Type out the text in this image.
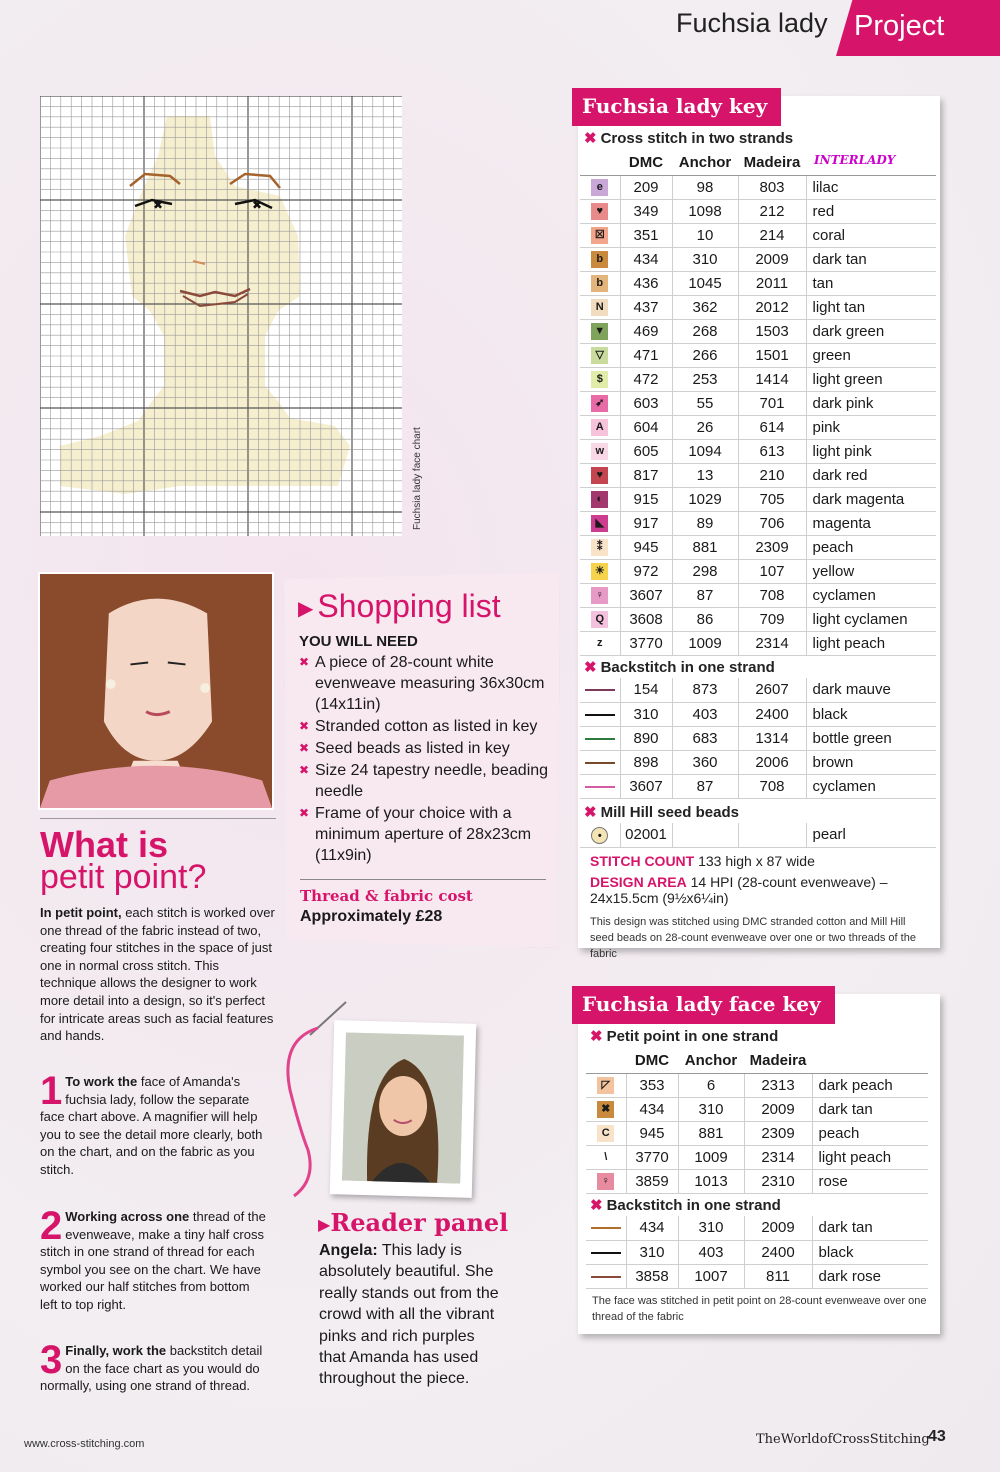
Fuchsia lady Project
✖	✖
Fuchsia lady face chart
Fuchsia lady key
✖ Cross stitch in two strands
	DMC	Anchor	Madeira	
e	209	98	803	lilac
♥	349	1098	212	red
☒	351	10	214	coral
b	434	310	2009	dark tan
b	436	1045	2011	tan
N	437	362	2012	light tan
▼	469	268	1503	dark green
▽	471	266	1501	green
$	472	253	1414	light green
➶	603	55	701	dark pink
A	604	26	614	pink
w	605	1094	613	light pink
♥	817	13	210	dark red
◐	915	1029	705	dark magenta
◣	917	89	706	magenta
⁑	945	881	2309	peach
☀	972	298	107	yellow
♀	3607	87	708	cyclamen
Q	3608	86	709	light cyclamen
z	3770	1009	2314	light peach
✖ Backstitch in one strand
	154	873	2607	dark mauve
	310	403	2400	black
	890	683	1314	bottle green
	898	360	2006	brown
	3607	87	708	cyclamen
✖ Mill Hill seed beads
•	02001			pearl
STITCH COUNT 133 high x 87 wide
DESIGN AREA 14 HPI (28-count evenweave) – 24x15.5cm (9½x6¼in)
This design was stitched using DMC stranded cotton and Mill Hill seed beads on 28-count evenweave over one or two threads of the fabric
INTERLADY
Fuchsia lady face key
✖ Petit point in one strand
	DMC	Anchor	Madeira	
◸	353	6	2313	dark peach
✖	434	310	2009	dark tan
C	945	881	2309	peach
\	3770	1009	2314	light peach
♀	3859	1013	2310	rose
✖ Backstitch in one strand
	434	310	2009	dark tan
	310	403	2400	black
	3858	1007	811	dark rose
The face was stitched in petit point on 28-count evenweave over one thread of the fabric
▶ Shopping list
YOU WILL NEED
✖ A piece of 28-count white evenweave measuring 36x30cm (14x11in)
✖ Stranded cotton as listed in key
✖ Seed beads as listed in key
✖ Size 24 tapestry needle, beading needle
✖ Frame of your choice with a minimum aperture of 28x23cm (11x9in)
Thread & fabric cost
Approximately £28
What is
petit point?
In petit point, each stitch is worked over one thread of the fabric instead of two, creating four stitches in the space of just one in normal cross stitch. This technique allows the designer to work more detail into a design, so it's perfect for intricate areas such as facial features and hands.
1 To work the face of Amanda's fuchsia lady, follow the separate face chart above. A magnifier will help you to see the detail more clearly, both on the chart, and on the fabric as you stitch.
2 Working across one thread of the evenweave, make a tiny half cross stitch in one strand of thread for each symbol you see on the chart. We have worked our half stitches from bottom left to top right.
3 Finally, work the backstitch detail on the face chart as you would do normally, using one strand of thread.
▶Reader panel
Angela: This lady is absolutely beautiful. She really stands out from the crowd with all the vibrant pinks and rich purples that Amanda has used throughout the piece.
www.cross-stitching.com	TheWorldofCrossStitching
43
